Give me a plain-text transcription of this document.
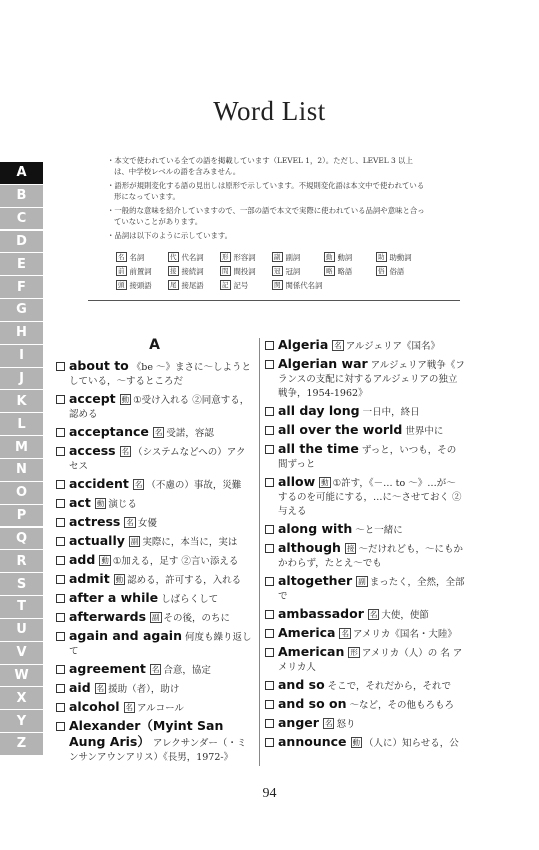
Word List

・本文で使われている全ての語を掲載しています（LEVEL 1，2）。ただし、LEVEL 3 以上は、中学校レベルの語を含みません。

・語形が規則変化する語の見出しは原形で示しています。不規則変化語は本文中で使われている形になっています。

・一般的な意味を紹介していますので、一部の語で本文で実際に使われている品詞や意味と合っていないことがあります。

・品詞は以下のように示しています。

名 名詞	代 代名詞	形 形容詞	副 副詞	動 動詞	助 助動詞
前 前置詞	接 接続詞	間 間投詞	冠 冠詞	略 略語	俗 俗語
頭 接頭語	尾 接尾語	記 記号	関 関係代名詞
A
B
C
D
E
F
G
H
I
J
K
L
M
N
O
P
Q
R
S
T
U
V
W
X
Y
Z
A
about to 《be ～》まさに～しようとしている，～するところだ
accept 動 ①受け入れる ②同意する，認める
acceptance 名 受諾，容認
access 名 （システムなどへの）アクセス
accident 名 （不慮の）事故，災難
act 動 演じる
actress 名 女優
actually 副 実際に，本当に，実は
add 動 ①加える，足す ②言い添える
admit 動 認める，許可する，入れる
after a while しばらくして
afterwards 副 その後，のちに
again and again 何度も繰り返して
agreement 名 合意，協定
aid 名 援助（者），助け
alcohol 名 アルコール
Alexander（Myint San Aung Aris） アレクサンダー（・ミンサンアウンアリス）《長男，1972-》
Algeria 名 アルジェリア《国名》
Algerian war アルジェリア戦争《フランスの支配に対するアルジェリアの独立戦争，1954-1962》
all day long 一日中，終日
all over the world 世界中に
all the time ずっと，いつも，その間ずっと
allow 動 ①許す，《－… to ～》…が～するのを可能にする，…に～させておく ②与える
along with ～と一緒に
although 接 ～だけれども，～にもかかわらず，たとえ～でも
altogether 副 まったく，全然，全部で
ambassador 名 大使，使節
America 名 アメリカ《国名・大陸》
American 形 アメリカ（人）の 名 アメリカ人
and so そこで，それだから，それで
and so on ～など，その他もろもろ
anger 名 怒り
announce 動 （人に）知らせる，公
94
